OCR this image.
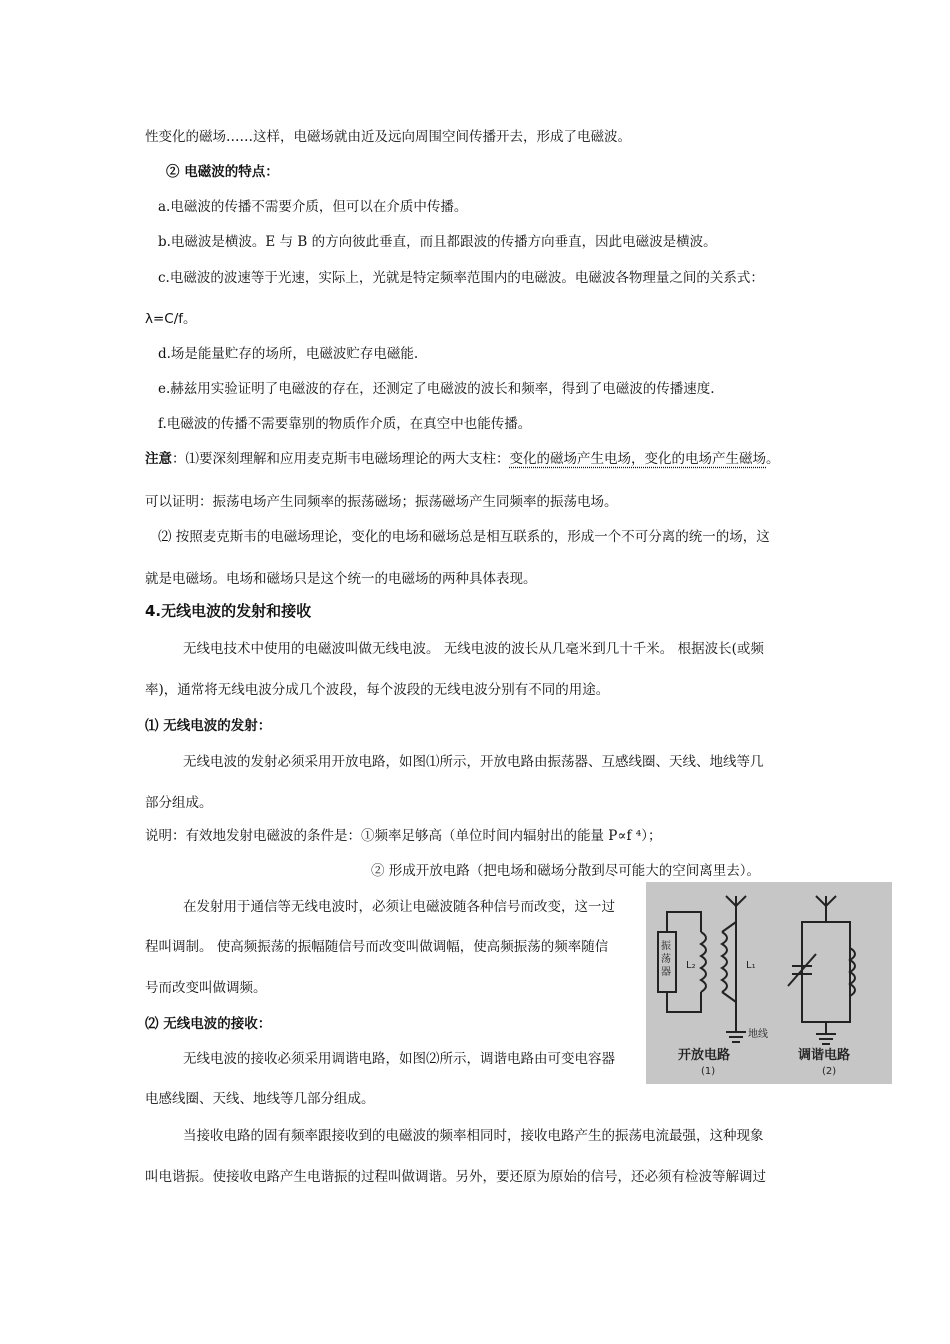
性变化的磁场……这样，电磁场就由近及远向周围空间传播开去，形成了电磁波。
② 电磁波的特点：
a.电磁波的传播不需要介质，但可以在介质中传播。
b.电磁波是横波。E 与 B 的方向彼此垂直，而且都跟波的传播方向垂直，因此电磁波是横波。
c.电磁波的波速等于光速，实际上，光就是特定频率范围内的电磁波。电磁波各物理量之间的关系式：
λ=C/f。
d.场是能量贮存的场所，电磁波贮存电磁能.
e.赫兹用实验证明了电磁波的存在，还测定了电磁波的波长和频率，得到了电磁波的传播速度.
f.电磁波的传播不需要靠别的物质作介质，在真空中也能传播。
注意：⑴要深刻理解和应用麦克斯韦电磁场理论的两大支柱：变化的磁场产生电场，变化的电场产生磁场。
可以证明：振荡电场产生同频率的振荡磁场；振荡磁场产生同频率的振荡电场。
⑵ 按照麦克斯韦的电磁场理论，变化的电场和磁场总是相互联系的，形成一个不可分离的统一的场，这
就是电磁场。电场和磁场只是这个统一的电磁场的两种具体表现。
4.无线电波的发射和接收
无线电技术中使用的电磁波叫做无线电波。 无线电波的波长从几毫米到几十千米。 根据波长(或频
率)，通常将无线电波分成几个波段，每个波段的无线电波分别有不同的用途。
⑴ 无线电波的发射：
无线电波的发射必须采用开放电路，如图⑴所示，开放电路由振荡器、互感线圈、天线、地线等几
部分组成。
说明：有效地发射电磁波的条件是：①频率足够高（单位时间内辐射出的能量 P∝f ⁴）；
② 形成开放电路（把电场和磁场分散到尽可能大的空间离里去）。
在发射用于通信等无线电波时，必须让电磁波随各种信号而改变，这一过
程叫调制。 使高频振荡的振幅随信号而改变叫做调幅，使高频振荡的频率随信
号而改变叫做调频。
⑵ 无线电波的接收：
无线电波的接收必须采用调谐电路，如图⑵所示，调谐电路由可变电容器
电感线圈、天线、地线等几部分组成。
当接收电路的固有频率跟接收到的电磁波的频率相同时，接收电路产生的振荡电流最强，这种现象
叫电谐振。使接收电路产生电谐振的过程叫做调谐。另外，要还原为原始的信号，还必须有检波等解调过
振荡器
L₂	L₁
地线
开放电路	调谐电路
(1)	(2)
